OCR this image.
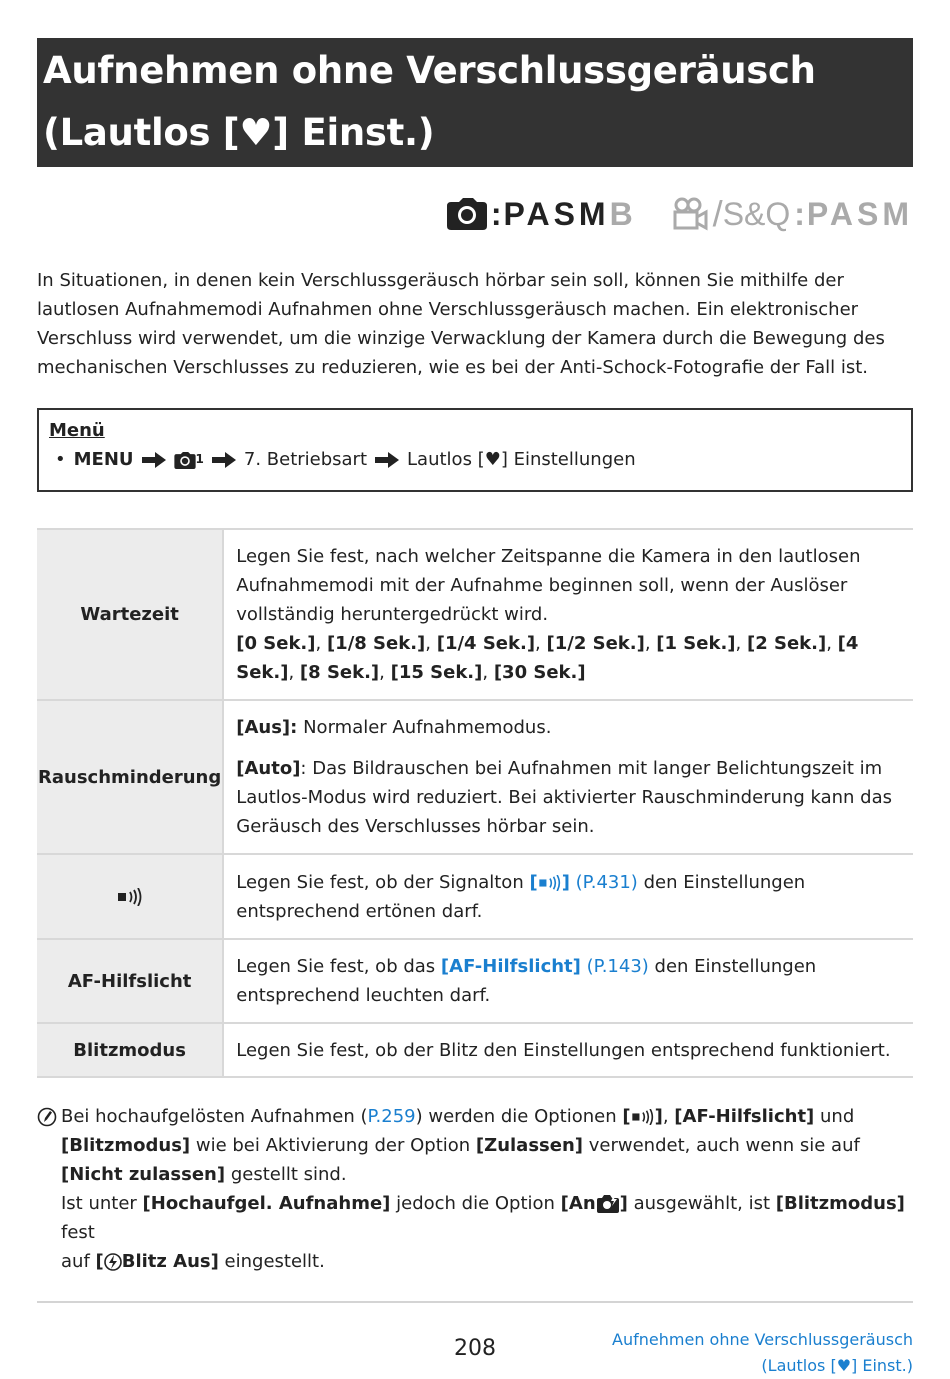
Aufnehmen ohne Verschlussgeräusch
(Lautlos [♥] Einst.)
: PASM B / S&Q : PASM
In Situationen, in denen kein Verschlussgeräusch hörbar sein soll, können Sie mithilfe der lautlosen Aufnahmemodi Aufnahmen ohne Verschlussgeräusch machen. Ein elektronischer Verschluss wird verwendet, um die winzige Verwacklung der Kamera durch die Bewegung des mechanischen Verschlusses zu reduzieren, wie es bei der Anti-Schock-Fotografie der Fall ist.
Menü
• MENU	1 7. Betriebsart Lautlos [♥] Einstellungen
Wartezeit	Legen Sie fest, nach welcher Zeitspanne die Kamera in den lautlosen Aufnahmemodi mit der Aufnahme beginnen soll, wenn der Auslöser vollständig heruntergedrückt wird.
[0 Sek.], [1/8 Sek.], [1/4 Sek.], [1/2 Sek.], [1 Sek.], [2 Sek.], [4 Sek.], [8 Sek.], [15 Sek.], [30 Sek.]
Rauschminderung	[Aus]: Normaler Aufnahmemodus.

[Auto]: Das Bildrauschen bei Aufnahmen mit langer Belichtungszeit im Lautlos-Modus wird reduziert. Bei aktivierter Rauschminderung kann das Geräusch des Verschlusses hörbar sein.

	Legen Sie fest, ob der Signalton [ ] (P.431) den Einstellungen entsprechend ertönen darf.
AF-Hilfslicht	Legen Sie fest, ob das [AF-Hilfslicht] (P.143) den Einstellungen entsprechend leuchten darf.
Blitzmodus	Legen Sie fest, ob der Blitz den Einstellungen entsprechend funktioniert.
Bei hochaufgelösten Aufnahmen (P.259) werden die Optionen [ ], [AF-Hilfslicht] und
[Blitzmodus] wie bei Aktivierung der Option [Zulassen] verwendet, auch wenn sie auf [Nicht zulassen] gestellt sind.
Ist unter [Hochaufgel. Aufnahme] jedoch die Option [An ] ausgewählt, ist [Blitzmodus] fest
auf [ Blitz Aus] eingestellt.
208	Aufnehmen ohne Verschlussgeräusch
(Lautlos [♥] Einst.)
